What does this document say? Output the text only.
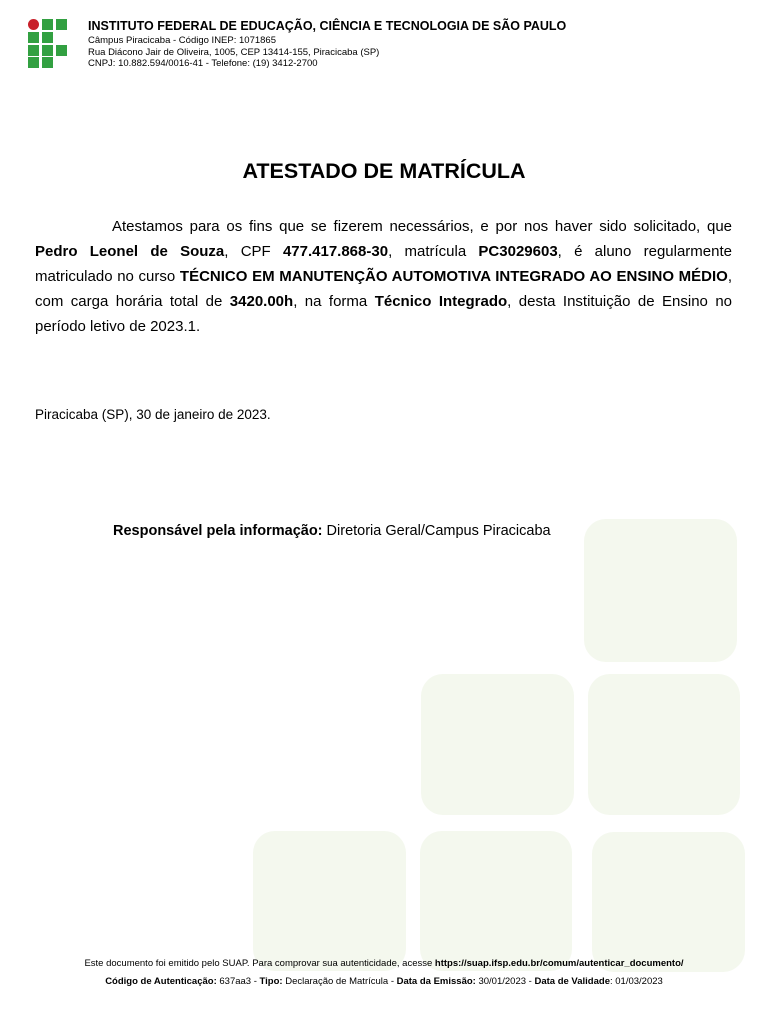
INSTITUTO FEDERAL DE EDUCAÇÃO, CIÊNCIA E TECNOLOGIA DE SÃO PAULO
Câmpus Piracicaba - Código INEP: 1071865
Rua Diácono Jair de Oliveira, 1005, CEP 13414-155, Piracicaba (SP)
CNPJ: 10.882.594/0016-41 - Telefone: (19) 3412-2700
ATESTADO DE MATRÍCULA
Atestamos para os fins que se fizerem necessários, e por nos haver sido solicitado, que Pedro Leonel de Souza, CPF 477.417.868-30, matrícula PC3029603, é aluno regularmente matriculado no curso TÉCNICO EM MANUTENÇÃO AUTOMOTIVA INTEGRADO AO ENSINO MÉDIO, com carga horária total de 3420.00h, na forma Técnico Integrado, desta Instituição de Ensino no período letivo de 2023.1.
Piracicaba (SP), 30 de janeiro de 2023.
Responsável pela informação: Diretoria Geral/Campus Piracicaba
Este documento foi emitido pelo SUAP. Para comprovar sua autenticidade, acesse https://suap.ifsp.edu.br/comum/autenticar_documento/
Código de Autenticação: 637aa3 - Tipo: Declaração de Matrícula - Data da Emissão: 30/01/2023 - Data de Validade: 01/03/2023
